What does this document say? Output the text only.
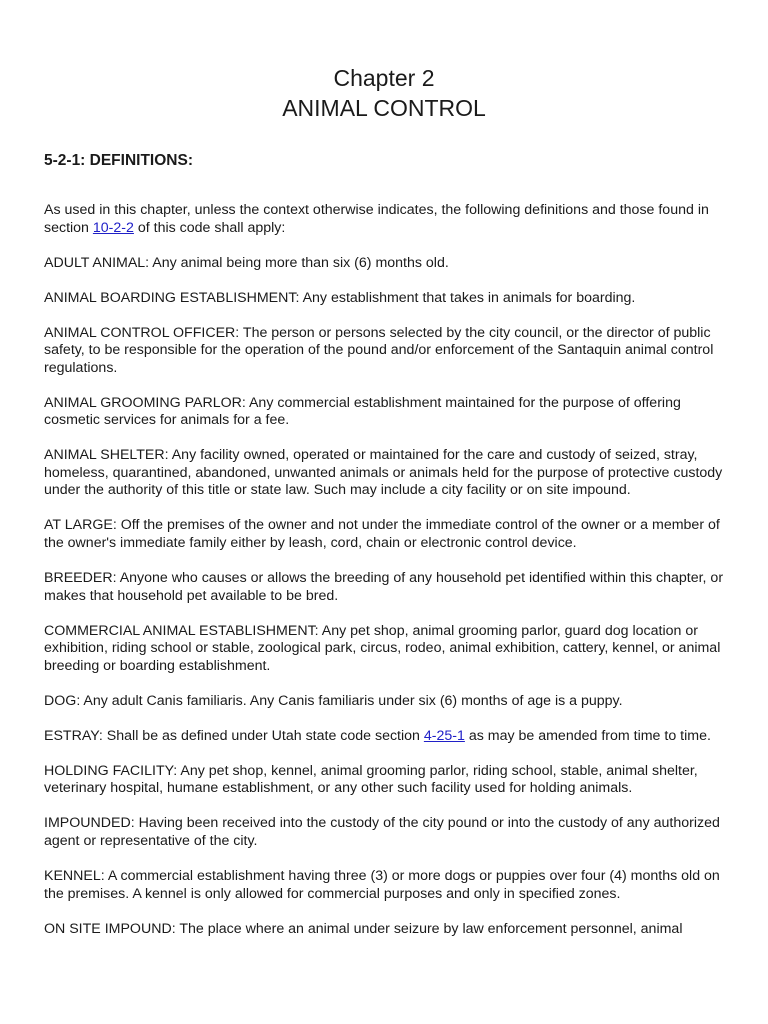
Chapter 2
ANIMAL CONTROL
5-2-1: DEFINITIONS:

As used in this chapter, unless the context otherwise indicates, the following definitions and those found in section 10-2-2 of this code shall apply:

ADULT ANIMAL: Any animal being more than six (6) months old.

ANIMAL BOARDING ESTABLISHMENT: Any establishment that takes in animals for boarding.

ANIMAL CONTROL OFFICER: The person or persons selected by the city council, or the director of public safety, to be responsible for the operation of the pound and/or enforcement of the Santaquin animal control regulations.

ANIMAL GROOMING PARLOR: Any commercial establishment maintained for the purpose of offering cosmetic services for animals for a fee.

ANIMAL SHELTER: Any facility owned, operated or maintained for the care and custody of seized, stray, homeless, quarantined, abandoned, unwanted animals or animals held for the purpose of protective custody under the authority of this title or state law. Such may include a city facility or on site impound.

AT LARGE: Off the premises of the owner and not under the immediate control of the owner or a member of the owner's immediate family either by leash, cord, chain or electronic control device.

BREEDER: Anyone who causes or allows the breeding of any household pet identified within this chapter, or makes that household pet available to be bred.

COMMERCIAL ANIMAL ESTABLISHMENT: Any pet shop, animal grooming parlor, guard dog location or exhibition, riding school or stable, zoological park, circus, rodeo, animal exhibition, cattery, kennel, or animal breeding or boarding establishment.

DOG: Any adult Canis familiaris. Any Canis familiaris under six (6) months of age is a puppy.

ESTRAY: Shall be as defined under Utah state code section 4-25-1 as may be amended from time to time.

HOLDING FACILITY: Any pet shop, kennel, animal grooming parlor, riding school, stable, animal shelter, veterinary hospital, humane establishment, or any other such facility used for holding animals.

IMPOUNDED: Having been received into the custody of the city pound or into the custody of any authorized agent or representative of the city.

KENNEL: A commercial establishment having three (3) or more dogs or puppies over four (4) months old on the premises. A kennel is only allowed for commercial purposes and only in specified zones.

ON SITE IMPOUND: The place where an animal under seizure by law enforcement personnel, animal
